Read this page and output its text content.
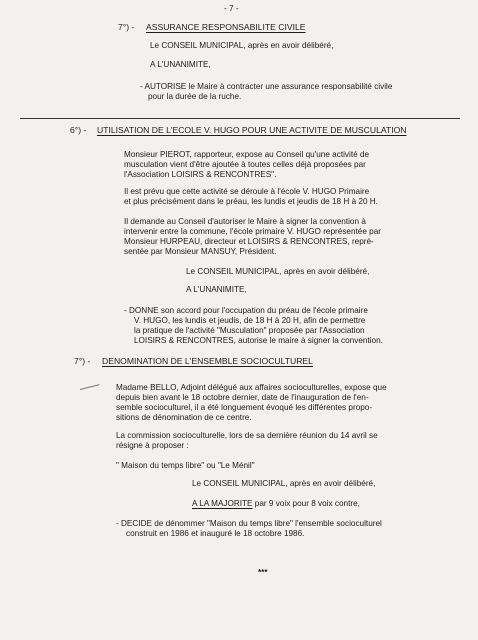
- 7 -
7°) - ASSURANCE RESPONSABILITE CIVILE
Le CONSEIL MUNICIPAL, après en avoir délibéré,
A L'UNANIMITE,
- AUTORISE le Maire à contracter une assurance responsabilité civile
pour la durée de la ruche.
6°) - UTILISATION DE L'ECOLE V. HUGO POUR UNE ACTIVITE DE MUSCULATION
Monsieur PIEROT, rapporteur, expose au Conseil qu'une activité de
musculation vient d'être ajoutée à toutes celles déjà proposées par
l'Association LOISIRS & RENCONTRES".
Il est prévu que cette activité se déroule à l'école V. HUGO Primaire
et plus précisément dans le préau, les lundis et jeudis de 18 H à 20 H.
Il demande au Conseil d'autoriser le Maire à signer la convention à
intervenir entre la commune, l'école primaire V. HUGO représentée par
Monsieur HURPEAU, directeur et LOISIRS & RENCONTRES, repré-
sentée par Monsieur MANSUY, Président.
Le CONSEIL MUNICIPAL, après en avoir délibéré,
A L'UNANIMITE,
- DONNE son accord pour l'occupation du préau de l'école primaire
V. HUGO, les lundis et jeudis, de 18 H à 20 H, afin de permettre
la pratique de l'activité "Musculation" proposée par l'Association
LOISIRS & RENCONTRES, autorise le maire à signer la convention.
7°) - DENOMINATION DE L'ENSEMBLE SOCIOCULTUREL
Madame BELLO, Adjoint délégué aux affaires socioculturelles, expose que
depuis bien avant le 18 octobre dernier, date de l'inauguration de l'en-
semble socioculturel, il a été longuement évoqué les différentes propo-
sitions de dénomination de ce centre.
La commission socioculturelle, lors de sa dernière réunion du 14 avril se
résigne à proposer :
" Maison du temps libre" ou "Le Ménil"
Le CONSEIL MUNICIPAL, après en avoir délibéré,
A LA MAJORITE par 9 voix pour 8 voix contre,
- DECIDE de dénommer "Maison du temps libre" l'ensemble socioculturel
construit en 1986 et inauguré le 18 octobre 1986.
***
